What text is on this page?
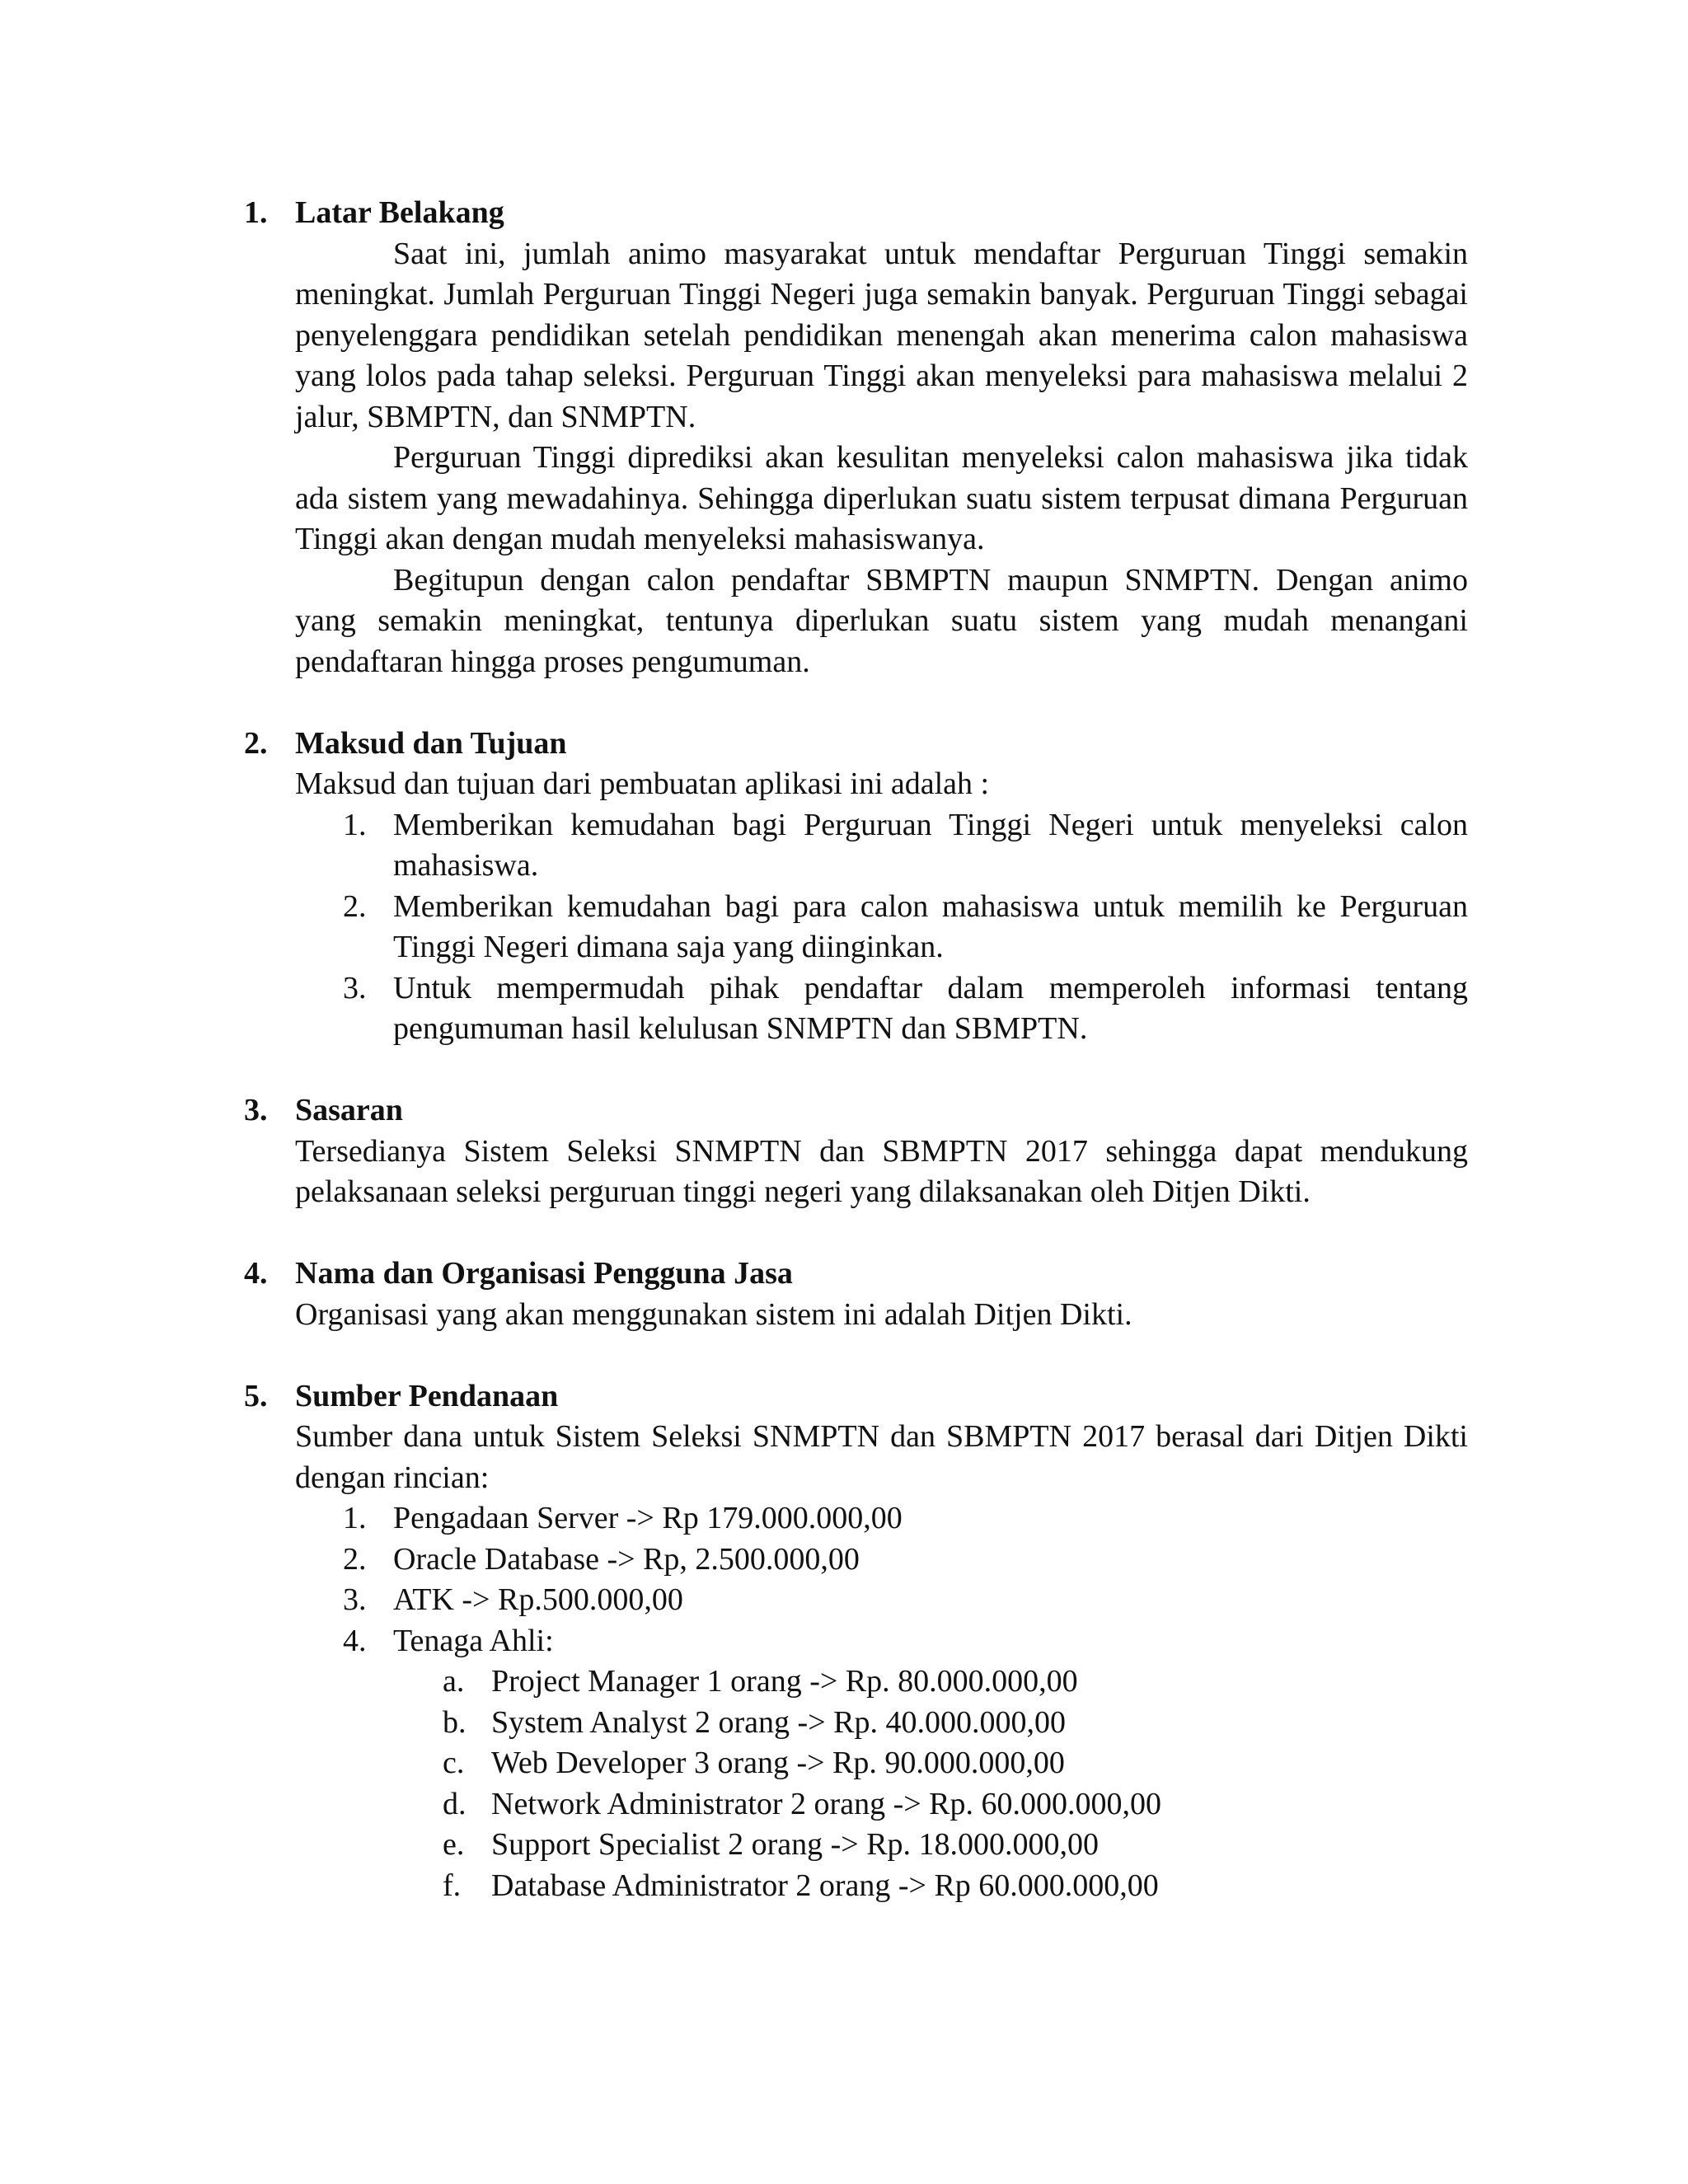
1. Latar Belakang

Saat ini, jumlah animo masyarakat untuk mendaftar Perguruan Tinggi semakin meningkat. Jumlah Perguruan Tinggi Negeri juga semakin banyak. Perguruan Tinggi sebagai penyelenggara pendidikan setelah pendidikan menengah akan menerima calon mahasiswa yang lolos pada tahap seleksi. Perguruan Tinggi akan menyeleksi para mahasiswa melalui 2 jalur, SBMPTN, dan SNMPTN.

Perguruan Tinggi diprediksi akan kesulitan menyeleksi calon mahasiswa jika tidak ada sistem yang mewadahinya. Sehingga diperlukan suatu sistem terpusat dimana Perguruan Tinggi akan dengan mudah menyeleksi mahasiswanya.

Begitupun dengan calon pendaftar SBMPTN maupun SNMPTN. Dengan animo yang semakin meningkat, tentunya diperlukan suatu sistem yang mudah menangani pendaftaran hingga proses pengumuman.

2. Maksud dan Tujuan

Maksud dan tujuan dari pembuatan aplikasi ini adalah :

1. Memberikan kemudahan bagi Perguruan Tinggi Negeri untuk menyeleksi calon mahasiswa.
2. Memberikan kemudahan bagi para calon mahasiswa untuk memilih ke Perguruan Tinggi Negeri dimana saja yang diinginkan.
3. Untuk mempermudah pihak pendaftar dalam memperoleh informasi tentang pengumuman hasil kelulusan SNMPTN dan SBMPTN.
3. Sasaran

Tersedianya Sistem Seleksi SNMPTN dan SBMPTN 2017 sehingga dapat mendukung pelaksanaan seleksi perguruan tinggi negeri yang dilaksanakan oleh Ditjen Dikti.

4. Nama dan Organisasi Pengguna Jasa

Organisasi yang akan menggunakan sistem ini adalah Ditjen Dikti.

5. Sumber Pendanaan

Sumber dana untuk Sistem Seleksi SNMPTN dan SBMPTN 2017 berasal dari Ditjen Dikti dengan rincian:

1. Pengadaan Server -> Rp 179.000.000,00
2. Oracle Database -> Rp, 2.500.000,00
3. ATK -> Rp.500.000,00
4. Tenaga Ahli:
a. Project Manager 1 orang -> Rp. 80.000.000,00
b. System Analyst 2 orang -> Rp. 40.000.000,00
c. Web Developer 3 orang -> Rp. 90.000.000,00
d. Network Administrator 2 orang -> Rp. 60.000.000,00
e. Support Specialist 2 orang -> Rp. 18.000.000,00
f. Database Administrator 2 orang -> Rp 60.000.000,00
